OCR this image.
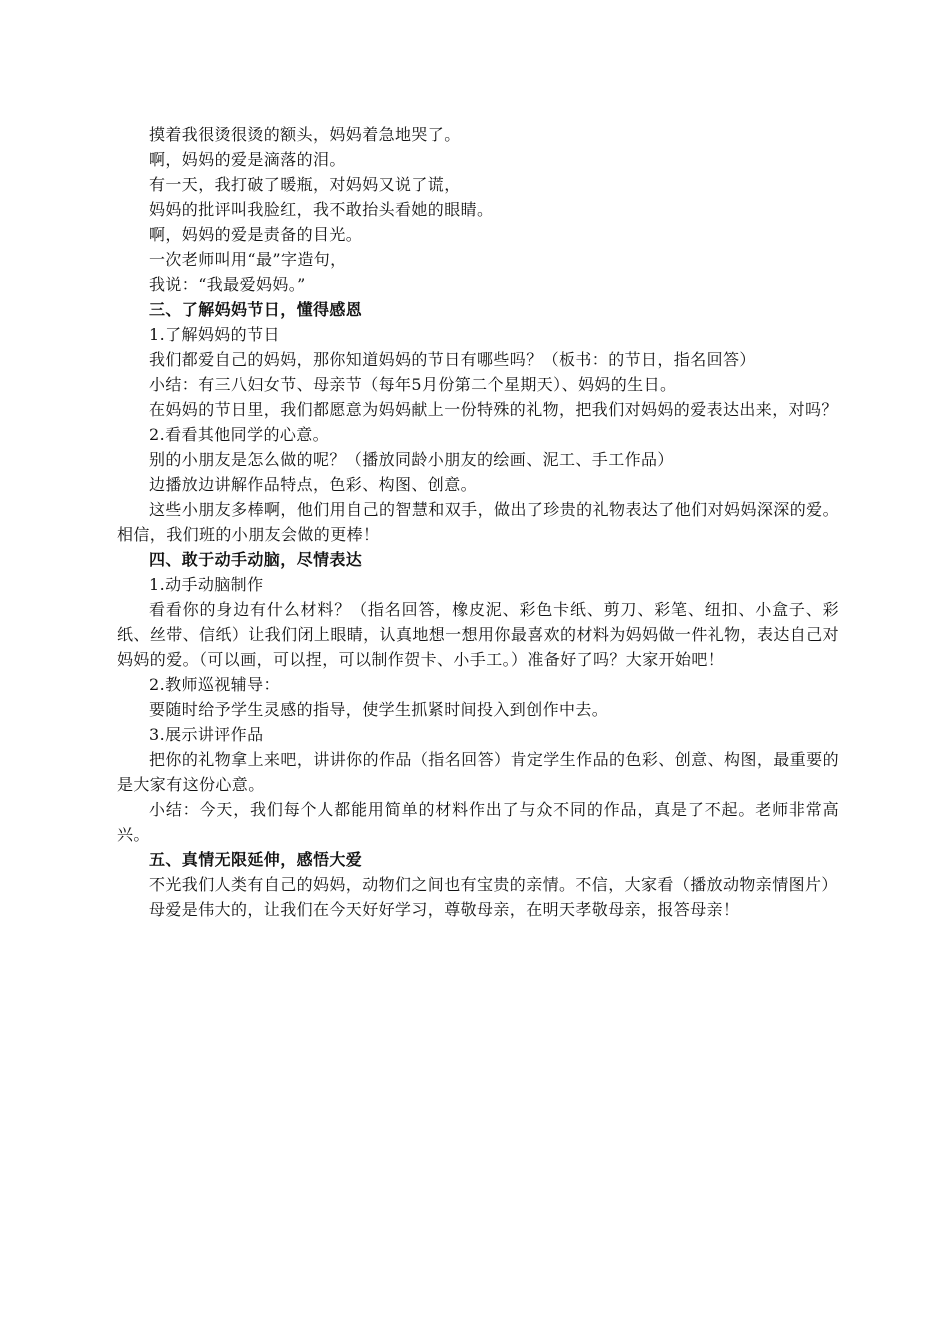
摸着我很烫很烫的额头，妈妈着急地哭了。

啊，妈妈的爱是滴落的泪。

有一天，我打破了暖瓶，对妈妈又说了谎，

妈妈的批评叫我脸红，我不敢抬头看她的眼睛。

啊，妈妈的爱是责备的目光。

一次老师叫用“最”字造句，

我说：“我最爱妈妈。”

三、了解妈妈节日，懂得感恩

1.了解妈妈的节日

我们都爱自己的妈妈，那你知道妈妈的节日有哪些吗？（板书：的节日，指名回答）

小结：有三八妇女节、母亲节（每年5月份第二个星期天）、妈妈的生日。

在妈妈的节日里，我们都愿意为妈妈献上一份特殊的礼物，把我们对妈妈的爱表达出来，对吗？

2.看看其他同学的心意。

别的小朋友是怎么做的呢？（播放同龄小朋友的绘画、泥工、手工作品）

边播放边讲解作品特点，色彩、构图、创意。

这些小朋友多棒啊，他们用自己的智慧和双手，做出了珍贵的礼物表达了他们对妈妈深深的爱。相信，我们班的小朋友会做的更棒！

四、敢于动手动脑，尽情表达

1.动手动脑制作

看看你的身边有什么材料？（指名回答，橡皮泥、彩色卡纸、剪刀、彩笔、纽扣、小盒子、彩纸、丝带、信纸）让我们闭上眼睛，认真地想一想用你最喜欢的材料为妈妈做一件礼物，表达自己对妈妈的爱。（可以画，可以捏，可以制作贺卡、小手工。）准备好了吗？大家开始吧！

2.教师巡视辅导：

要随时给予学生灵感的指导，使学生抓紧时间投入到创作中去。

3.展示讲评作品

把你的礼物拿上来吧，讲讲你的作品（指名回答）肯定学生作品的色彩、创意、构图，最重要的是大家有这份心意。

小结：今天，我们每个人都能用简单的材料作出了与众不同的作品，真是了不起。老师非常高兴。

五、真情无限延伸，感悟大爱

不光我们人类有自己的妈妈，动物们之间也有宝贵的亲情。不信，大家看（播放动物亲情图片）

母爱是伟大的，让我们在今天好好学习，尊敬母亲，在明天孝敬母亲，报答母亲！
